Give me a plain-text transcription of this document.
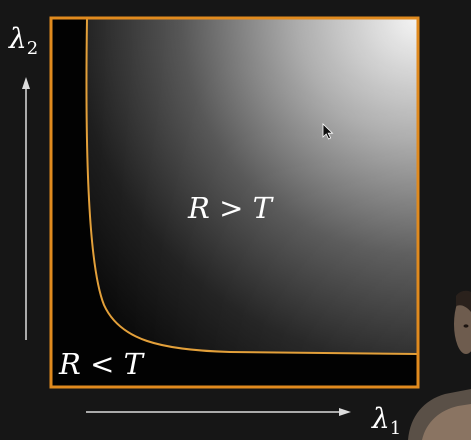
R > T
R < T
$\lambda_2$
$\lambda_1$
